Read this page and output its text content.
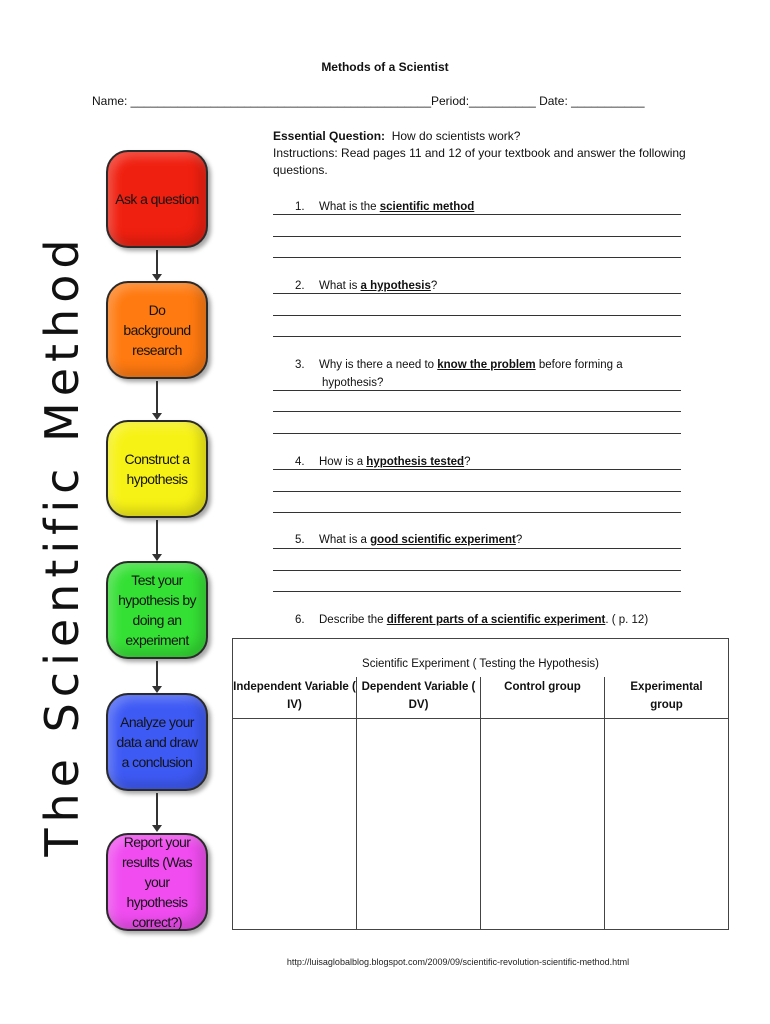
Methods of a Scientist
Name: _____________________________________________Period:__________ Date: ___________
Essential Question: How do scientists work?
Instructions: Read pages 11 and 12 of your textbook and answer the following questions.
1. What is the scientific method
2. What is a hypothesis?
3. Why is there a need to know the problem before forming a
hypothesis?
4. How is a hypothesis tested?
5. What is a good scientific experiment?
6. Describe the different parts of a scientific experiment. ( p. 12)
The Scientific Method
Ask a question
Do background research
Construct a hypothesis
Test your hypothesis by doing an experiment
Analyze your data and draw a conclusion
Report your results (Was your hypothesis correct?)
Scientific Experiment ( Testing the Hypothesis)
Independent Variable ( IV)
Dependent Variable ( DV)
Control group	Experimental group
http://luisaglobalblog.blogspot.com/2009/09/scientific-revolution-scientific-method.html
